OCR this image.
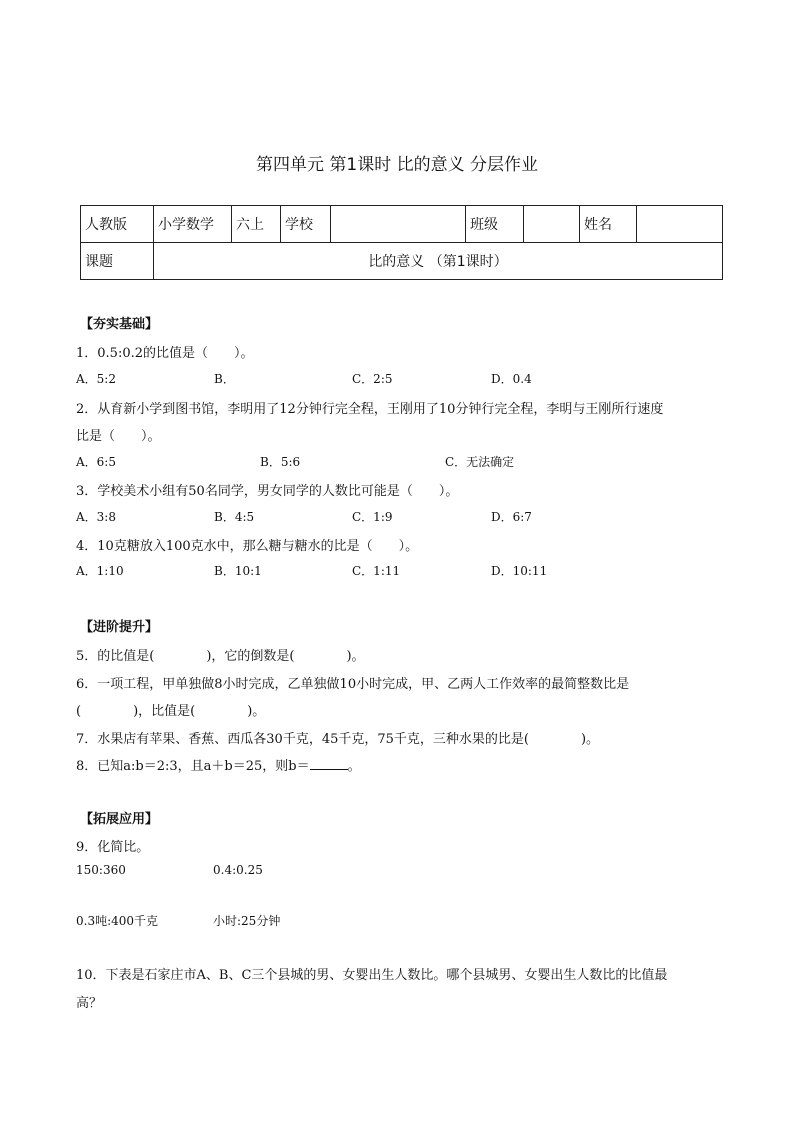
第四单元 第1课时 比的意义 分层作业
人教版	小学数学	六上	学校		班级		姓名	
课题	比的意义 （第1课时）							
【夯实基础】
1．0.5:0.2的比值是（　　）。
A．5:2	B．	C．2:5	D．0.4
2．从育新小学到图书馆，李明用了12分钟行完全程，王刚用了10分钟行完全程，李明与王刚所行速度
比是（　　）。
A．6:5	B．5:6	C．无法确定
3．学校美术小组有50名同学，男女同学的人数比可能是（　　）。
A．3:8	B．4:5	C．1:9	D．6:7
4．10克糖放入100克水中，那么糖与糖水的比是（　　）。
A．1:10	B．10:1	C．1:11	D．10:11
【进阶提升】
5．的比值是(　　　　)，它的倒数是(　　　　)。
6．一项工程，甲单独做8小时完成，乙单独做10小时完成，甲、乙两人工作效率的最简整数比是
(　　　　)，比值是(　　　　)。
7．水果店有苹果、香蕉、西瓜各30千克，45千克，75千克，三种水果的比是(　　　　)。
8．已知a:b＝2:3，且a＋b＝25，则b＝	。
【拓展应用】
9．化简比。
150:360	0.4:0.25
0.3吨:400千克	小时:25分钟
10．下表是石家庄市A、B、C三个县城的男、女婴出生人数比。哪个县城男、女婴出生人数比的比值最
高？
